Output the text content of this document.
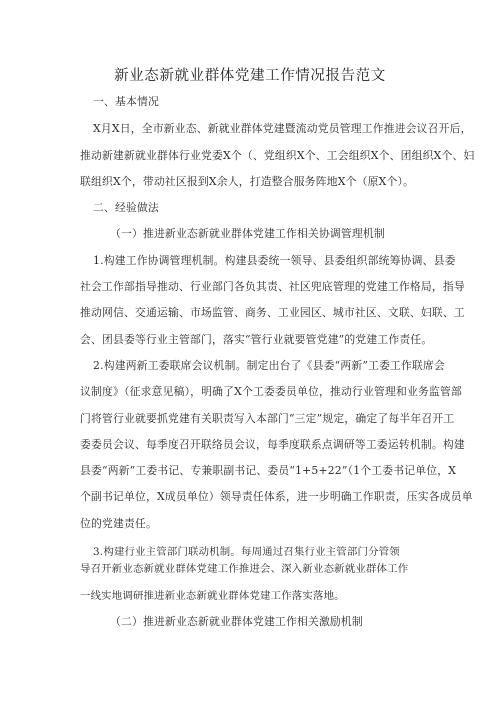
新业态新就业群体党建工作情况报告范文
一、基本情况
X月X日，全市新业态、新就业群体党建暨流动党员管理工作推进会议召开后，
推动新建新就业群体行业党委X个（、党组织X个、工会组织X个、团组织X个、妇
联组织X个，带动社区报到X余人，打造整合服务阵地X个（原X个）。
二、经验做法
（一）推进新业态新就业群体党建工作相关协调管理机制
1.构建工作协调管理机制。构建县委统一领导、县委组织部统筹协调、县委
社会工作部指导推动、行业部门各负其责、社区兜底管理的党建工作格局，指导
推动网信、交通运输、市场监管、商务、工业园区、城市社区、文联、妇联、工
会、团县委等行业主管部门，落实“管行业就要管党建”的党建工作责任。
2.构建两新工委联席会议机制。制定出台了《县委“两新”工委工作联席会
议制度》（征求意见稿），明确了X个工委委员单位，推动行业管理和业务监管部
门将管行业就要抓党建有关职责写入本部门“三定”规定，确定了每半年召开工
委委员会议、每季度召开联络员会议，每季度联系点调研等工委运转机制。构建
县委“两新”工委书记、专兼职副书记、委员“1+5+22”（1个工委书记单位，X
个副书记单位，X成员单位）领导责任体系，进一步明确工作职责，压实各成员单
位的党建责任。
3.构建行业主管部门联动机制。每周通过召集行业主管部门分管领
导召开新业态新就业群体党建工作推进会、深入新业态新就业群体工作
一线实地调研推进新业态新就业群体党建工作落实落地。
（二）推进新业态新就业群体党建工作相关激励机制
